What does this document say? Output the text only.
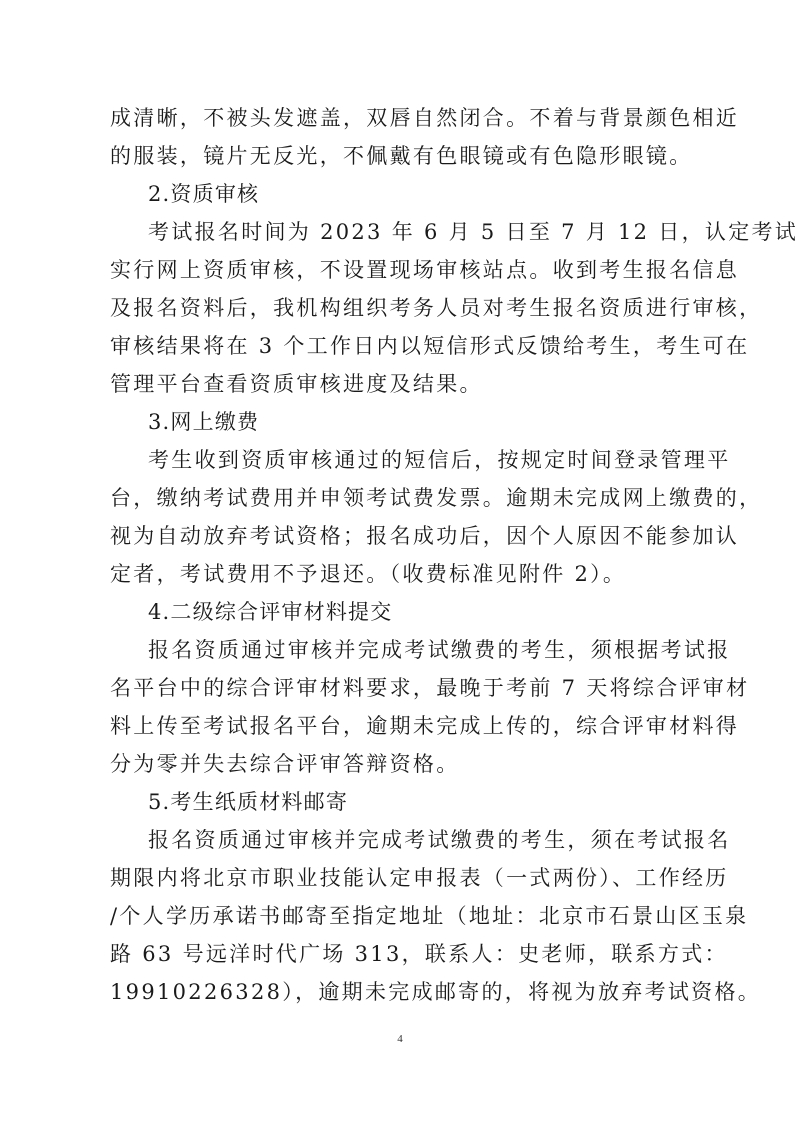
成清晰，不被头发遮盖，双唇自然闭合。不着与背景颜色相近
的服装，镜片无反光，不佩戴有色眼镜或有色隐形眼镜。
2.资质审核
考试报名时间为 2023 年 6 月 5 日至 7 月 12 日，认定考试
实行网上资质审核，不设置现场审核站点。收到考生报名信息
及报名资料后，我机构组织考务人员对考生报名资质进行审核，
审核结果将在 3 个工作日内以短信形式反馈给考生，考生可在
管理平台查看资质审核进度及结果。
3.网上缴费
考生收到资质审核通过的短信后，按规定时间登录管理平
台，缴纳考试费用并申领考试费发票。逾期未完成网上缴费的，
视为自动放弃考试资格；报名成功后，因个人原因不能参加认
定者，考试费用不予退还。（收费标准见附件 2）。
4.二级综合评审材料提交
报名资质通过审核并完成考试缴费的考生，须根据考试报
名平台中的综合评审材料要求，最晚于考前 7 天将综合评审材
料上传至考试报名平台，逾期未完成上传的，综合评审材料得
分为零并失去综合评审答辩资格。
5.考生纸质材料邮寄
报名资质通过审核并完成考试缴费的考生，须在考试报名
期限内将北京市职业技能认定申报表（一式两份）、工作经历
/个人学历承诺书邮寄至指定地址（地址：北京市石景山区玉泉
路 63 号远洋时代广场 313，联系人：史老师，联系方式：
19910226328），逾期未完成邮寄的，将视为放弃考试资格。
4
